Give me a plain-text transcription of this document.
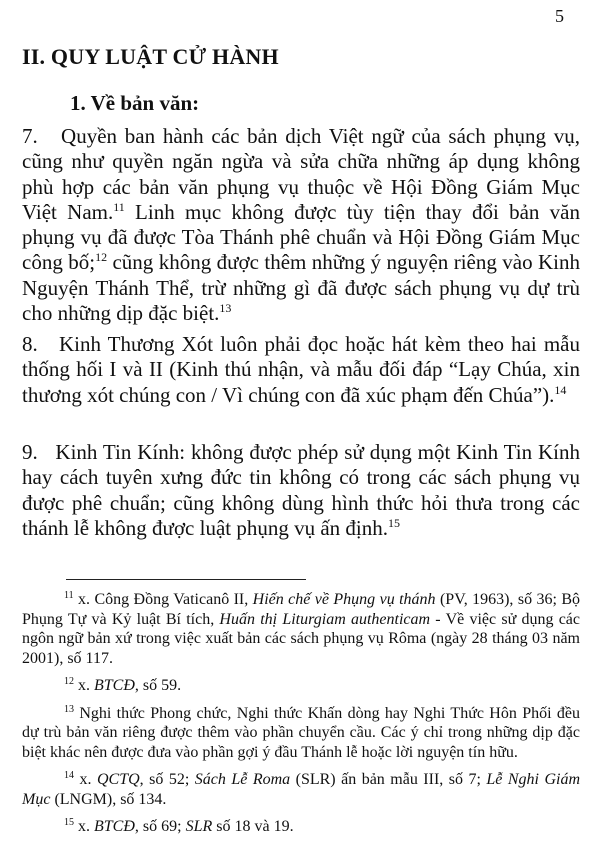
5
II. QUY LUẬT CỬ HÀNH
1. Về bản văn:

7. Quyền ban hành các bản dịch Việt ngữ của sách phụng vụ, cũng như quyền ngăn ngừa và sửa chữa những áp dụng không phù hợp các bản văn phụng vụ thuộc về Hội Đồng Giám Mục Việt Nam.$^{11}$ Linh mục không được tùy tiện thay đổi bản văn phụng vụ đã được Tòa Thánh phê chuẩn và Hội Đồng Giám Mục công bố;$^{12}$ cũng không được thêm những ý nguyện riêng vào Kinh Nguyện Thánh Thể, trừ những gì đã được sách phụng vụ dự trù cho những dịp đặc biệt.$^{13}$

8. Kinh Thương Xót luôn phải đọc hoặc hát kèm theo hai mẫu thống hối I và II (Kinh thú nhận, và mẫu đối đáp “Lạy Chúa, xin thương xót chúng con / Vì chúng con đã xúc phạm đến Chúa”).$^{14}$

9. Kinh Tin Kính: không được phép sử dụng một Kinh Tin Kính hay cách tuyên xưng đức tin không có trong các sách phụng vụ được phê chuẩn; cũng không dùng hình thức hỏi thưa trong các thánh lễ không được luật phụng vụ ấn định.$^{15}$

$^{11}$ x. Công Đồng Vaticanô II, Hiến chế về Phụng vụ thánh (PV, 1963), số 36; Bộ Phụng Tự và Kỷ luật Bí tích, Huấn thị Liturgiam authenticam - Về việc sử dụng các ngôn ngữ bản xứ trong việc xuất bản các sách phụng vụ Rôma (ngày 28 tháng 03 năm 2001), số 117.

$^{12}$ x. BTCĐ, số 59.

$^{13}$ Nghi thức Phong chức, Nghi thức Khấn dòng hay Nghi Thức Hôn Phối đều dự trù bản văn riêng được thêm vào phần chuyển cầu. Các ý chỉ trong những dịp đặc biệt khác nên được đưa vào phần gợi ý đầu Thánh lễ hoặc lời nguyện tín hữu.

$^{14}$ x. QCTQ, số 52; Sách Lễ Roma (SLR) ấn bản mẫu III, số 7; Lễ Nghi Giám Mục (LNGM), số 134.

$^{15}$ x. BTCĐ, số 69; SLR số 18 và 19.
